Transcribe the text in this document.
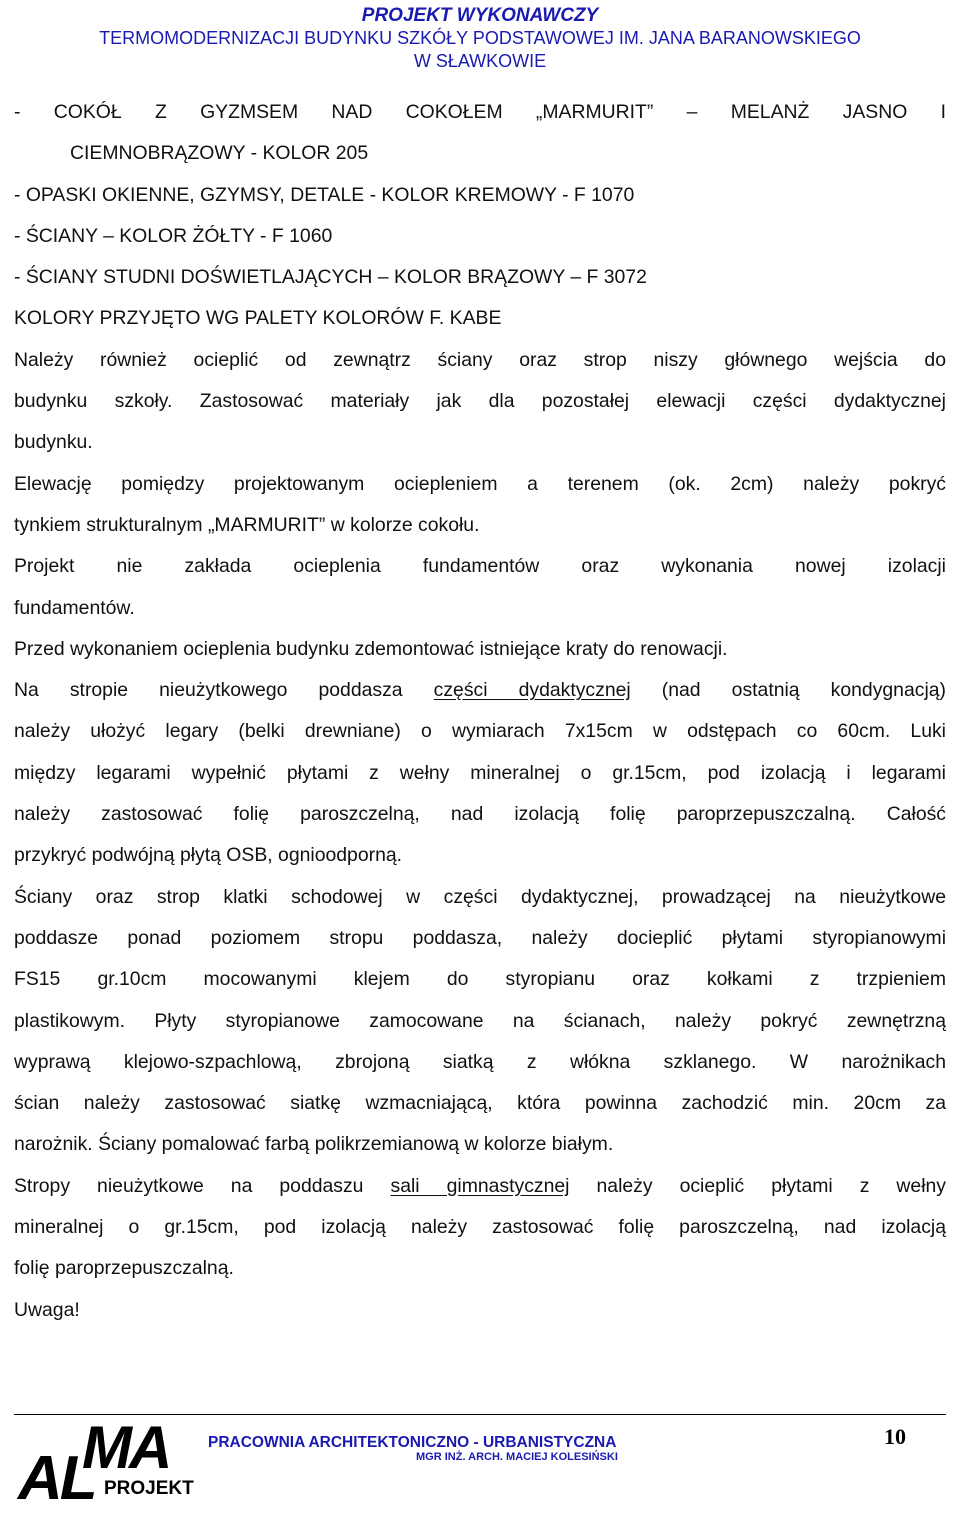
PROJEKT WYKONAWCZY
TERMOMODERNIZACJI BUDYNKU SZKÓŁY PODSTAWOWEJ IM. JANA BARANOWSKIEGO
W SŁAWKOWIE

- COKÓŁ Z GYZMSEM NAD COKOŁEM „MARMURIT” – MELANŻ JASNO I

CIEMNOBRĄZOWY - KOLOR 205

- OPASKI OKIENNE, GZYMSY, DETALE - KOLOR KREMOWY - F 1070

- ŚCIANY – KOLOR ŻÓŁTY - F 1060

- ŚCIANY STUDNI DOŚWIETLAJĄCYCH – KOLOR BRĄZOWY – F 3072

KOLORY PRZYJĘTO WG PALETY KOLORÓW F. KABE

Należy również ocieplić od zewnątrz ściany oraz strop niszy głównego wejścia do

budynku szkoły. Zastosować materiały jak dla pozostałej elewacji części dydaktycznej

budynku.

Elewację pomiędzy projektowanym ociepleniem a terenem (ok. 2cm) należy pokryć

tynkiem strukturalnym „MARMURIT” w kolorze cokołu.

Projekt nie zakłada ocieplenia fundamentów oraz wykonania nowej izolacji

fundamentów.

Przed wykonaniem ocieplenia budynku zdemontować istniejące kraty do renowacji.

Na stropie nieużytkowego poddasza części dydaktycznej (nad ostatnią kondygnacją)

należy ułożyć legary (belki drewniane) o wymiarach 7x15cm w odstępach co 60cm. Luki

między legarami wypełnić płytami z wełny mineralnej o gr.15cm, pod izolacją i legarami

należy zastosować folię paroszczelną, nad izolacją folię paroprzepuszczalną. Całość

przykryć podwójną płytą OSB, ognioodporną.

Ściany oraz strop klatki schodowej w części dydaktycznej, prowadzącej na nieużytkowe

poddasze ponad poziomem stropu poddasza, należy docieplić płytami styropianowymi

FS15 gr.10cm mocowanymi klejem do styropianu oraz kołkami z trzpieniem

plastikowym. Płyty styropianowe zamocowane na ścianach, należy pokryć zewnętrzną

wyprawą klejowo-szpachlową, zbrojoną siatką z włókna szklanego. W narożnikach

ścian należy zastosować siatkę wzmacniającą, która powinna zachodzić min. 20cm za

narożnik. Ściany pomalować farbą polikrzemianową w kolorze białym.

Stropy nieużytkowe na poddaszu sali gimnastycznej należy ocieplić płytami z wełny

mineralnej o gr.15cm, pod izolacją należy zastosować folię paroszczelną, nad izolacją

folię paroprzepuszczalną.

Uwaga!

MA
AL PROJEKT
PRACOWNIA ARCHITEKTONICZNO - URBANISTYCZNA
MGR INŻ. ARCH. MACIEJ KOLESIŃSKI
10
